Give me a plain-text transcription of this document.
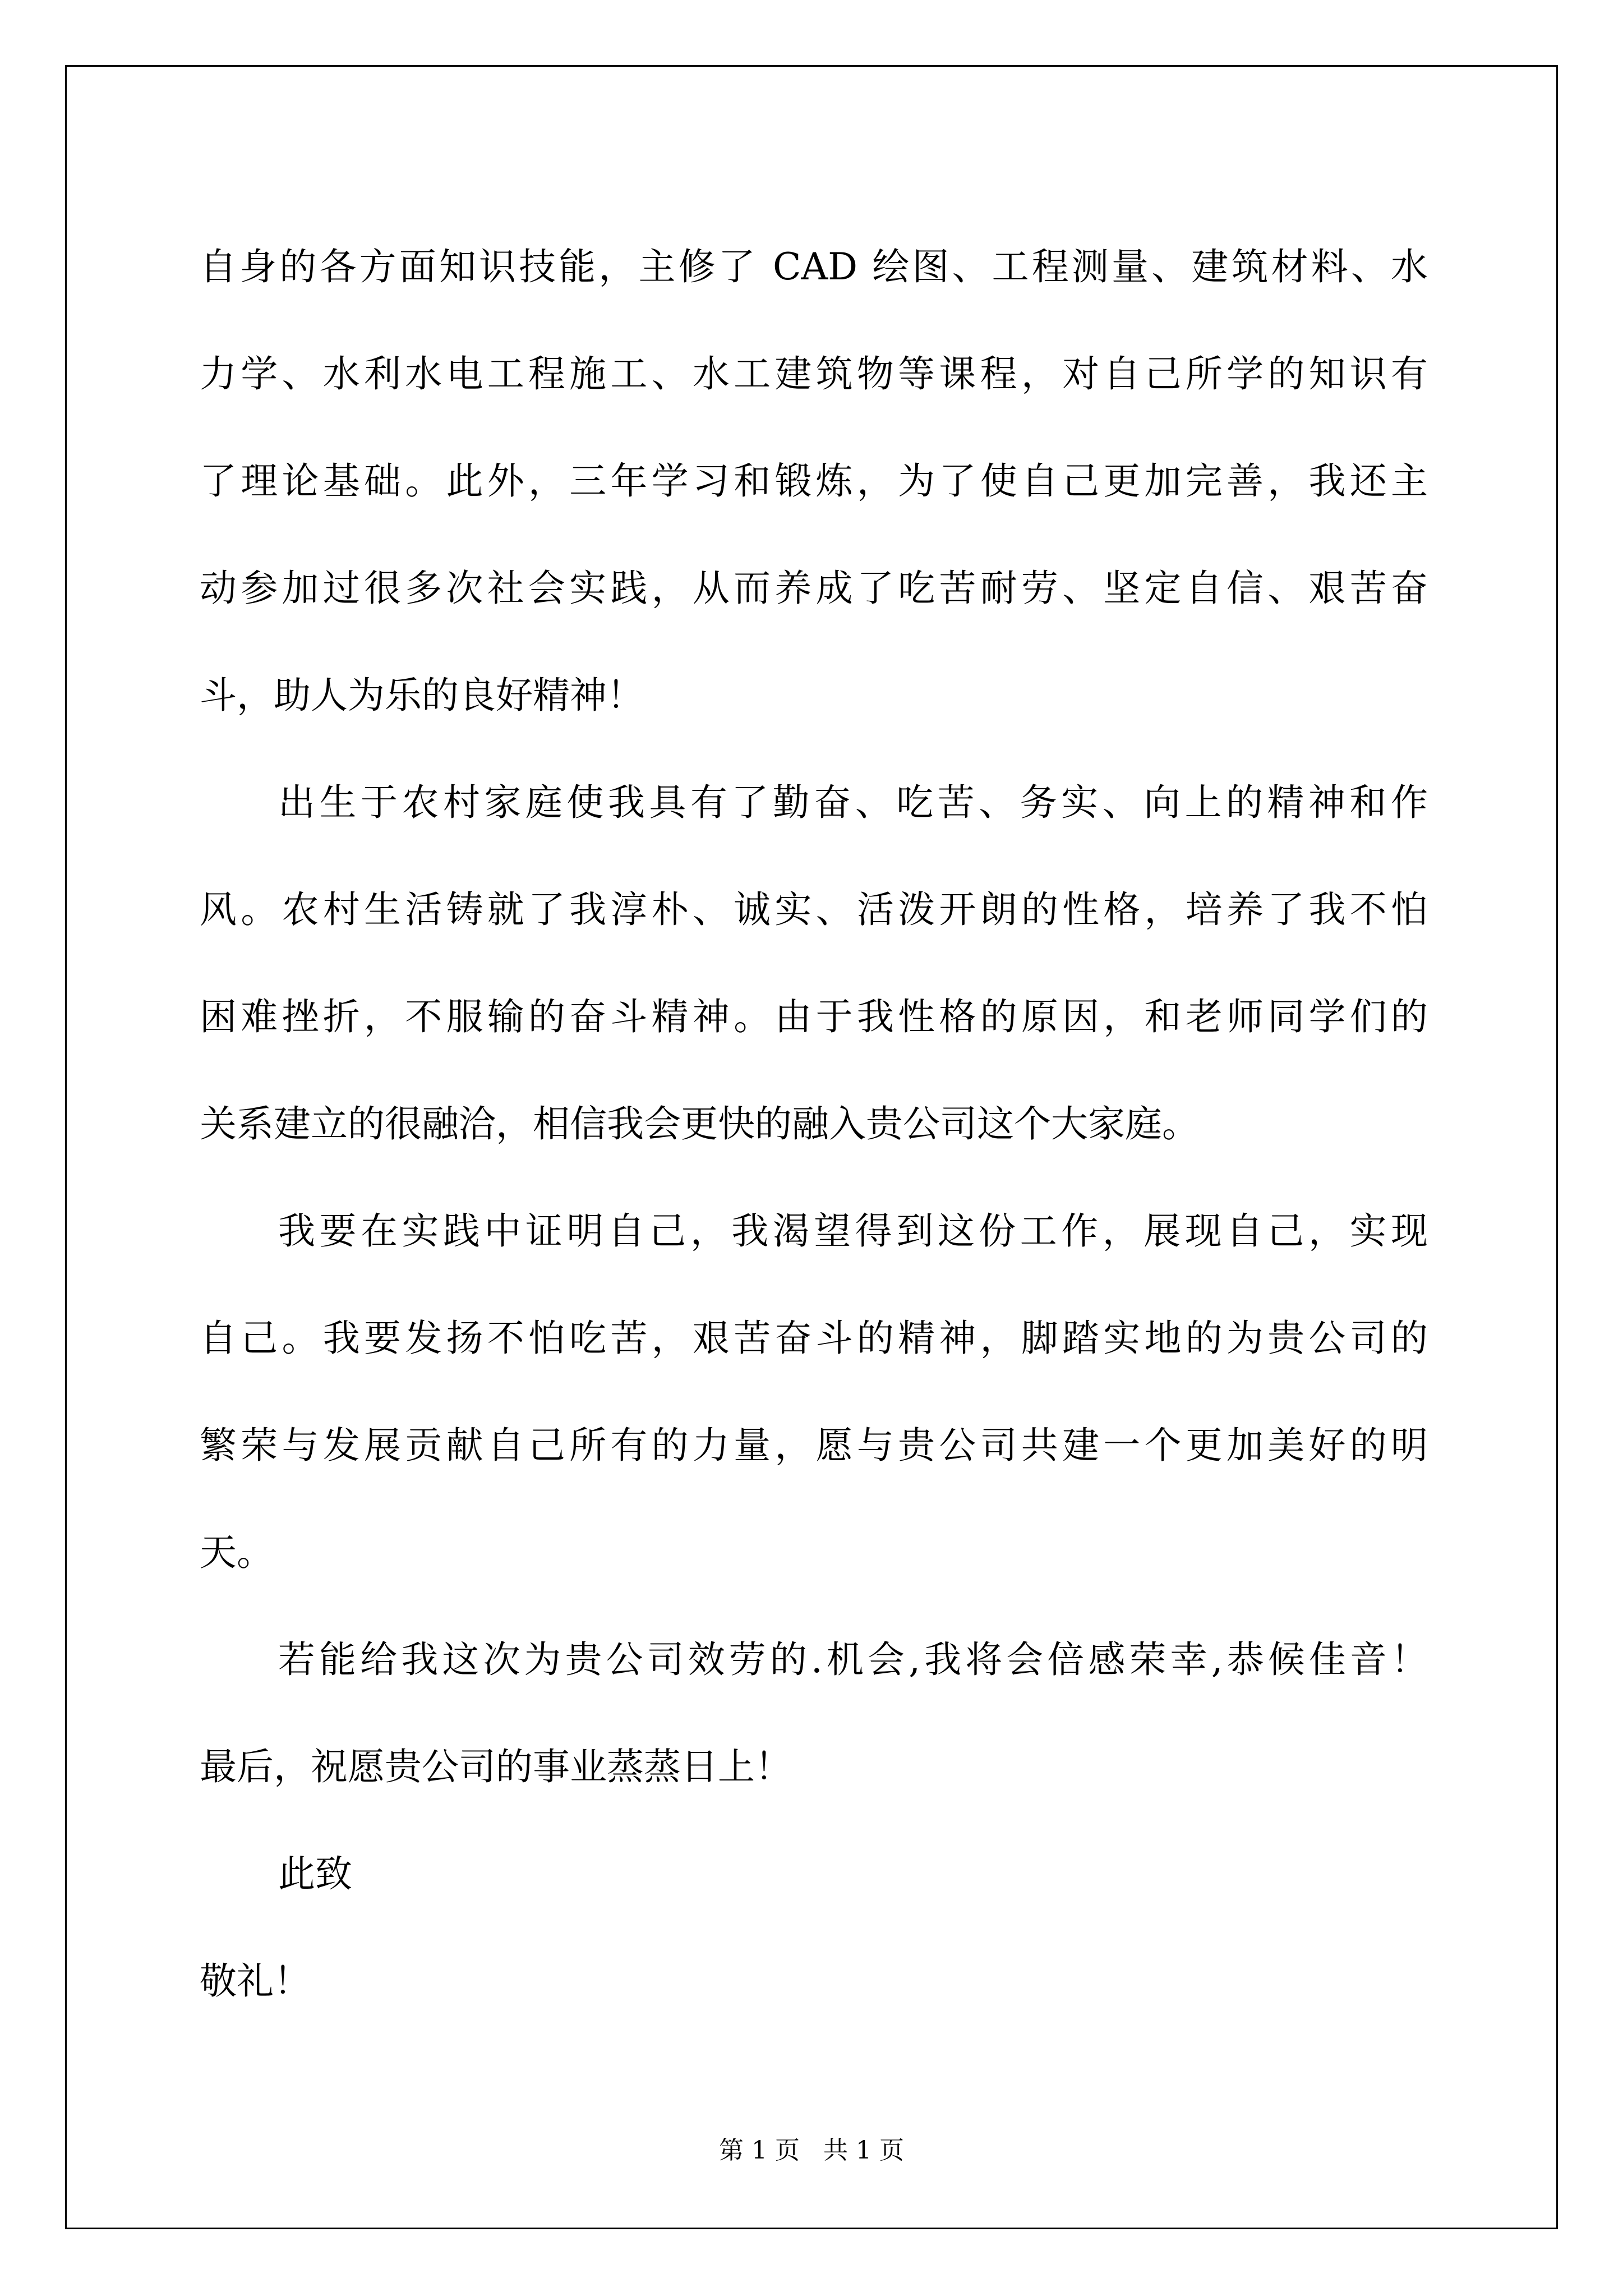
自身的各方面知识技能，主修了 CAD 绘图、工程测量、建筑材料、水
力学、水利水电工程施工、水工建筑物等课程，对自己所学的知识有
了理论基础。此外，三年学习和锻炼，为了使自己更加完善，我还主
动参加过很多次社会实践，从而养成了吃苦耐劳、坚定自信、艰苦奋
斗，助人为乐的良好精神！
出生于农村家庭使我具有了勤奋、吃苦、务实、向上的精神和作
风。农村生活铸就了我淳朴、诚实、活泼开朗的性格，培养了我不怕
困难挫折，不服输的奋斗精神。由于我性格的原因，和老师同学们的
关系建立的很融洽，相信我会更快的融入贵公司这个大家庭。
我要在实践中证明自己，我渴望得到这份工作，展现自己，实现
自己。我要发扬不怕吃苦，艰苦奋斗的精神，脚踏实地的为贵公司的
繁荣与发展贡献自己所有的力量，愿与贵公司共建一个更加美好的明
天。
若能给我这次为贵公司效劳的.机会,我将会倍感荣幸,恭候佳音！
最后，祝愿贵公司的事业蒸蒸日上！
此致
敬礼！
第 1 页   共 1 页
